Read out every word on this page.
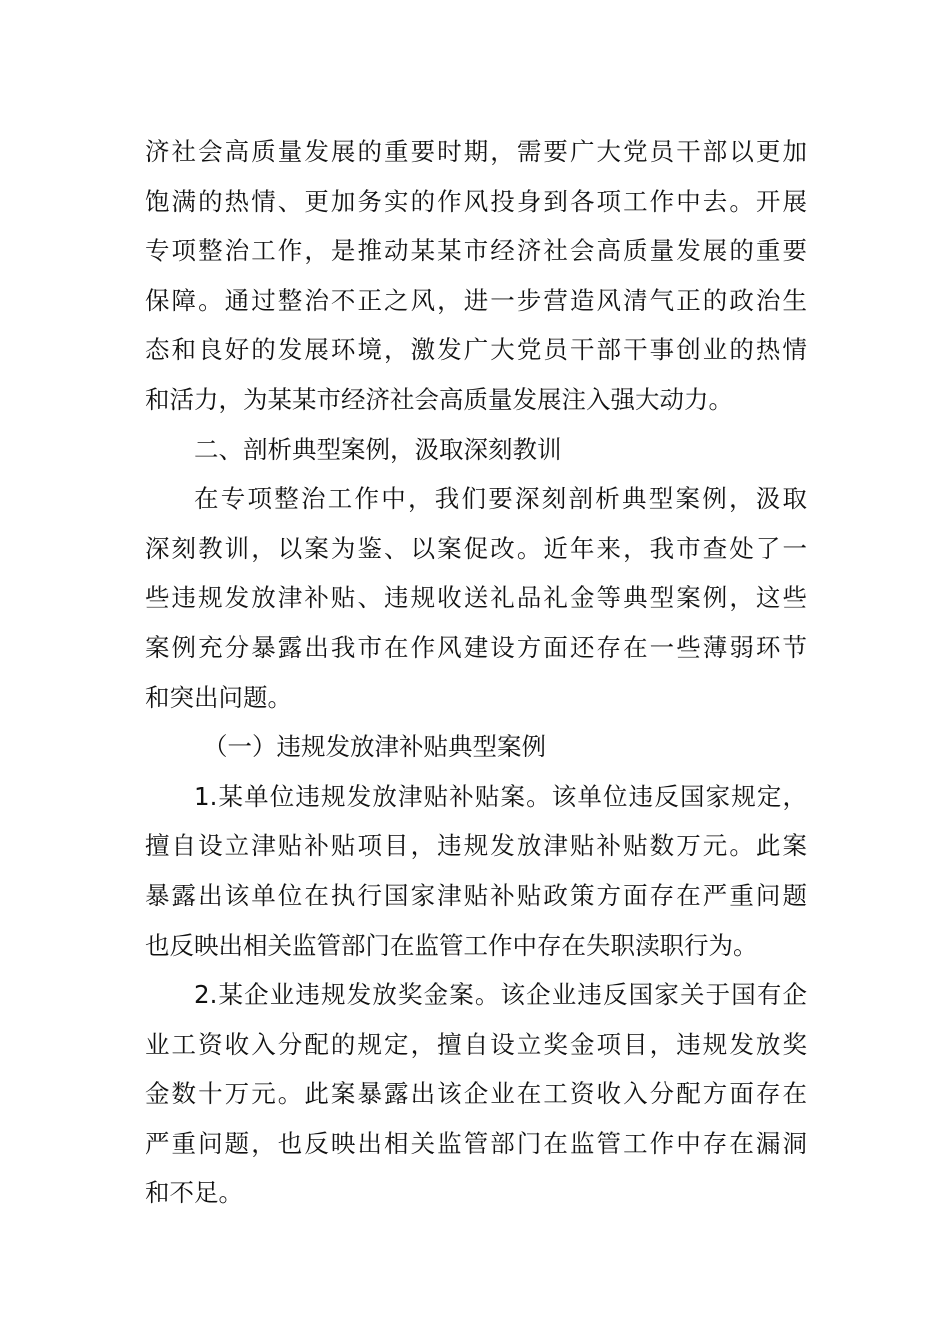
济社会高质量发展的重要时期，需要广大党员干部以更加
饱满的热情、更加务实的作风投身到各项工作中去。开展
专项整治工作，是推动某某市经济社会高质量发展的重要
保障。通过整治不正之风，进一步营造风清气正的政治生
态和良好的发展环境，激发广大党员干部干事创业的热情
和活力，为某某市经济社会高质量发展注入强大动力。
二、剖析典型案例，汲取深刻教训
在专项整治工作中，我们要深刻剖析典型案例，汲取
深刻教训，以案为鉴、以案促改。近年来，我市查处了一
些违规发放津补贴、违规收送礼品礼金等典型案例，这些
案例充分暴露出我市在作风建设方面还存在一些薄弱环节
和突出问题。
（一）违规发放津补贴典型案例
1.某单位违规发放津贴补贴案。该单位违反国家规定，
擅自设立津贴补贴项目，违规发放津贴补贴数万元。此案
暴露出该单位在执行国家津贴补贴政策方面存在严重问题
也反映出相关监管部门在监管工作中存在失职渎职行为。
2.某企业违规发放奖金案。该企业违反国家关于国有企
业工资收入分配的规定，擅自设立奖金项目，违规发放奖
金数十万元。此案暴露出该企业在工资收入分配方面存在
严重问题，也反映出相关监管部门在监管工作中存在漏洞
和不足。
